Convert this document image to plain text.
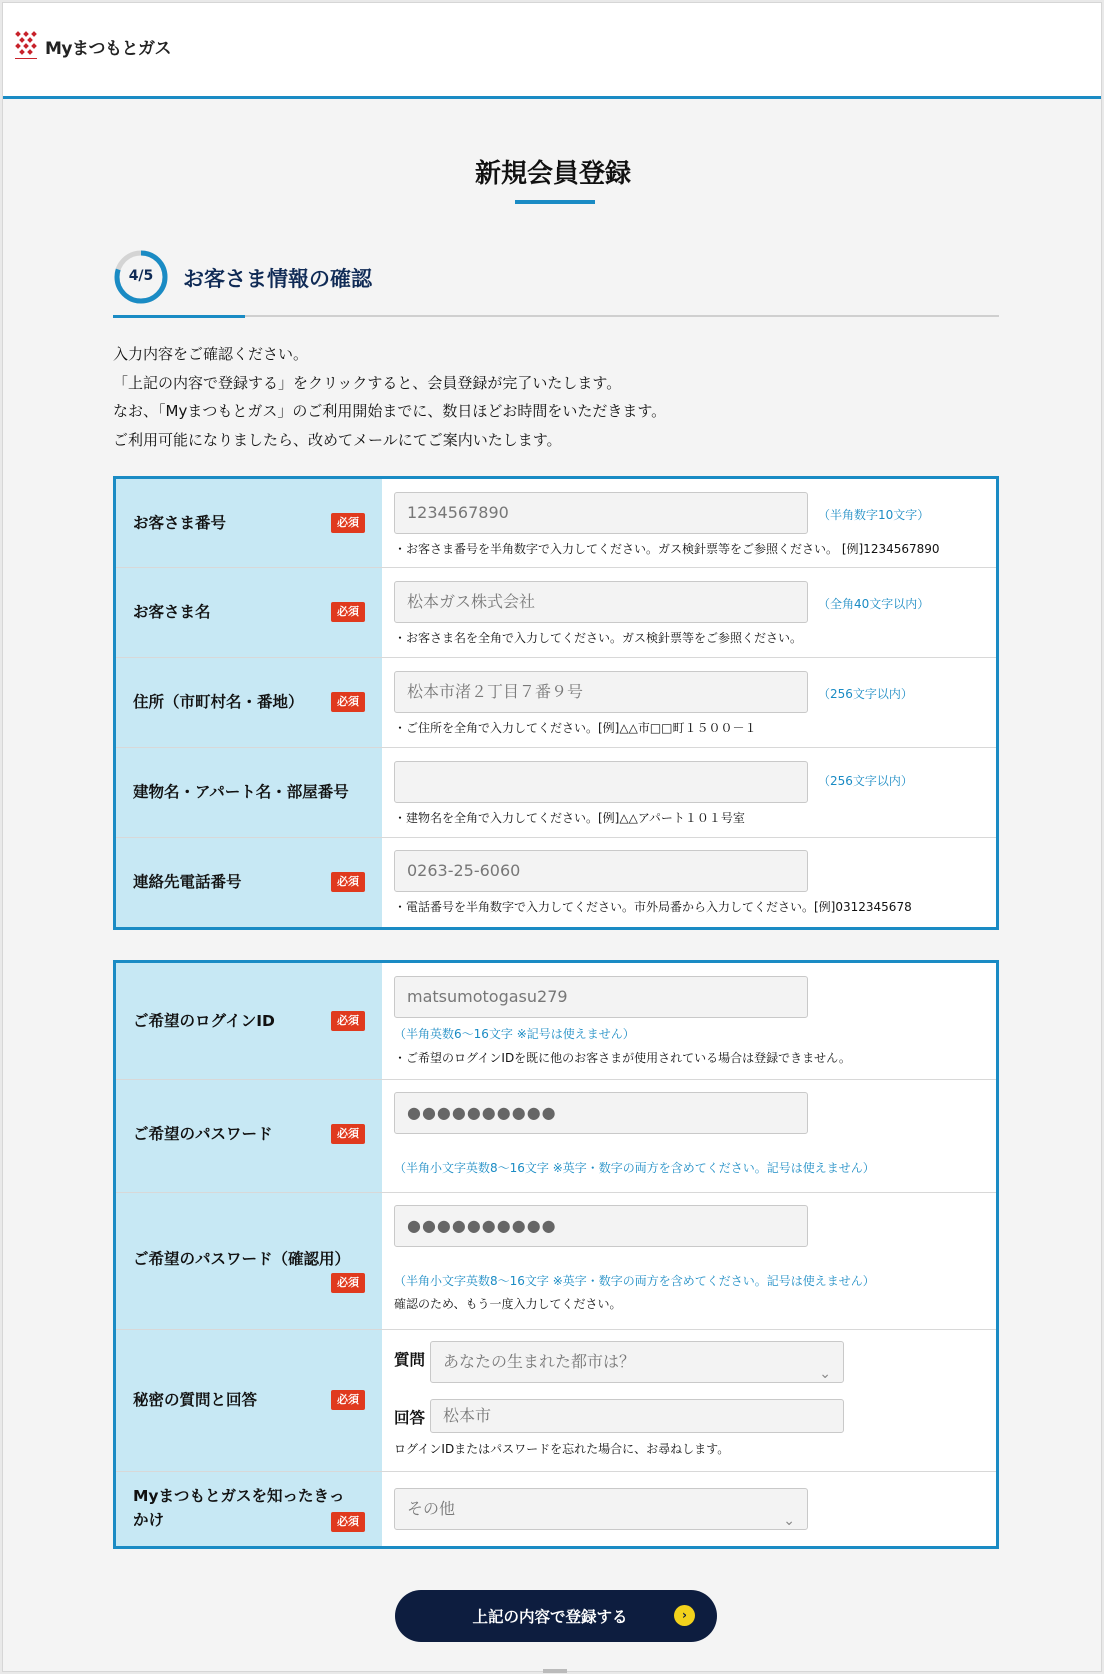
Myまつもとガス
新規会員登録
4/5	お客さま情報の確認

入力内容をご確認ください。

「上記の内容で登録する」をクリックすると、会員登録が完了いたします。

なお、「Myまつもとガス」のご利用開始までに、数日ほどお時間をいただきます。

ご利用可能になりましたら、改めてメールにてご案内いたします。

お客さま番号	必須
1234567890	（半角数字10文字）
・お客さま番号を半角数字で入力してください。ガス検針票等をご参照ください。 [例]1234567890
お客さま名	必須
松本ガス株式会社	（全角40文字以内）
・お客さま名を全角で入力してください。ガス検針票等をご参照ください。
住所（市町村名・番地）	必須
松本市渚２丁目７番９号	（256文字以内）
・ご住所を全角で入力してください。[例]△△市□□町１５００－１
建物名・アパート名・部屋番号
（256文字以内）
・建物名を全角で入力してください。[例]△△アパート１０１号室
連絡先電話番号	必須
0263-25-6060
・電話番号を半角数字で入力してください。市外局番から入力してください。[例]0312345678
ご希望のログインID	必須
matsumotogasu279
（半角英数6～16文字 ※記号は使えません）
・ご希望のログインIDを既に他のお客さまが使用されている場合は登録できません。
ご希望のパスワード	必須
●●●●●●●●●●
（半角小文字英数8～16文字 ※英字・数字の両方を含めてください。記号は使えません）
ご希望のパスワード（確認用）
必須
●●●●●●●●●●
（半角小文字英数8～16文字 ※英字・数字の両方を含めてください。記号は使えません）
確認のため、もう一度入力してください。
秘密の質問と回答	必須
質問	あなたの生まれた都市は？
⌄
回答	松本市
ログインIDまたはパスワードを忘れた場合に、お尋ねします。
Myまつもとガスを知ったきっ
かけ	必須
その他
⌄
上記の内容で登録する	›
